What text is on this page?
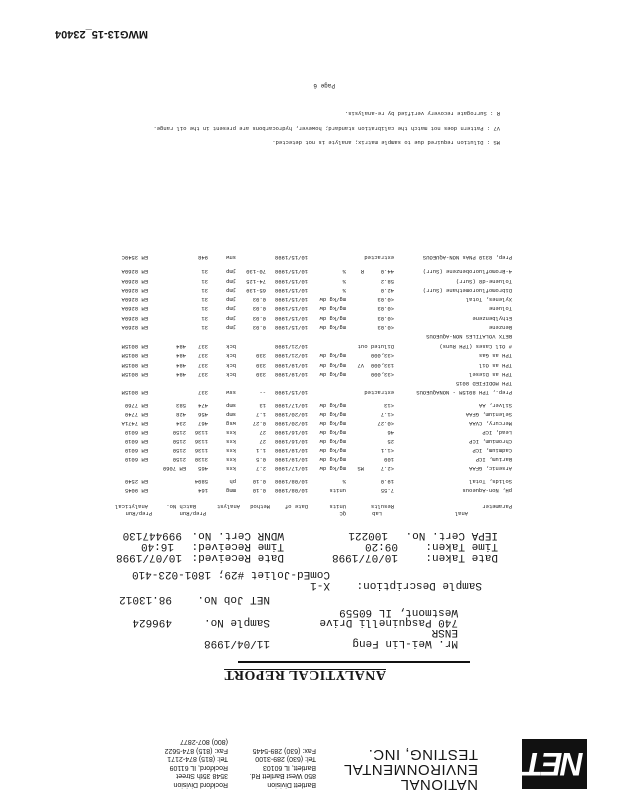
NET
NATIONAL
ENVIRONMENTAL
TESTING, INC.
Bartlett Division
850 West Bartlett Rd.
Bartlett, IL 60103
Tel: (630) 289-3100
Fax: (630) 289-5445
Rockford Division
3548 35th Street
Rockford, IL 61109
Tel: (815) 874-2171
Fax: (815) 874-5622
(800) 807-2877
ANALYTICAL REPORT
Mr. Wei-Lin Feng
11/04/1998
ENSR
740 Pasquinelli Drive
Sample No.
496624
Westmont, IL 60559
NET Job No.
98.13012
Sample Description:
X-1
ComEd-Joliet #29; 1801-023-410
Date Taken:
10/07/1998
Time Taken:
09:20
IEPA Cert. No.
100221
Date Received:
10/07/1998
Time Received:
16:40
WDNR Cert. No.
999447130
Anal
Lab
QC
Prep/Run
Prep/Run
Parameter
Results
Units
Date of
Method
Analyst
Batch No.
Analytical
pH, Non-Aqueous
7.55
units
10/08/1998
0.10
mmg
164
EM 9045
Solids, Total
19.0
%
10/08/1998
0.10
ph
5804
EM 2540
Arsenic, GFAA
<2.7
MS
mg/kg dw
10/17/1998
2.7
kxs
465
EM 7060
Barium, ICP
100
mg/kg dw
10/19/1998
0.5
kxs
3130
2150
EM 6010
Cadmium, ICP
<1.1
mg/kg dw
10/19/1998
1.1
kxs
1136
2150
EM 6010
Chromium, ICP
25
mg/kg dw
10/16/1998
27
kxs
1136
2150
EM 6010
Lead, ICP
46
mg/kg dw
10/16/1998
27
kxs
1136
2150
EM 6010
Mercury, CVAA
<0.27
mg/kg dw
10/20/1998
0.27
wsg
467
234
EM 7471A
Selenium, GFAA
<1.7
mg/kg dw
10/20/1998
1.7
smp
456
428
EM 7740
Silver, AA
<13
mg/kg dw
10/17/1998
13
smp
474
583
EM 7760
Prep., TPH 8015M - NONAQUEOUS
extracted
10/15/1998
--
ssw
337
EM 8015M
TPH MODIFIED 8015
TPH as Diesel
<33,000
mg/kg dw
10/19/1998
330
bck
337
484
EM 8015M
TPH as Oil
133,000
V7
mg/kg dw
10/19/1998
330
bck
337
484
EM 8015M
TPH as Gas
<33,000
mg/kg dw
10/21/1998
330
bck
337
484
EM 8015M
# Oil Cases (TPH Runs)
Diluted out
10/21/1998
bck
337
484
EM 8015M
BETX VOLATILES NON-AQUEOUS
Benzene
<0.03
mg/kg dw
10/15/1998
0.03
jmp
31
EM 8260A
Ethylbenzene
<0.03
mg/kg dw
10/15/1998
0.03
jmp
31
EM 8260A
Toluene
<0.03
mg/kg dw
10/15/1998
0.03
jmp
31
EM 8260A
Xylenes, Total
<0.03
mg/kg dw
10/15/1998
0.03
jmp
31
EM 8260A
Dibromofluoromethane (Surr)
42.0
%
10/15/1998
65-139
jmp
31
EM 8260A
Toluene-d8 (Surr)
58.2
%
10/15/1998
74-125
jmp
31
EM 8260A
4-Bromofluorobenzene (Surr)
44.0
R
%
10/15/1998
70-130
jmp
31
EM 8260A
Prep, 8310 PNAs NON-AQUEOUS
extracted
10/15/1998
snw
948
EM 3540C
MS : Dilution required due to sample matrix; analyte is not detected.
V7 : Pattern does not match the calibration standard; however, hydrocarbons are present in the oil range.
R : Surrogate recovery verified by re-analysis.
Page 6
MWG13-15_23404
